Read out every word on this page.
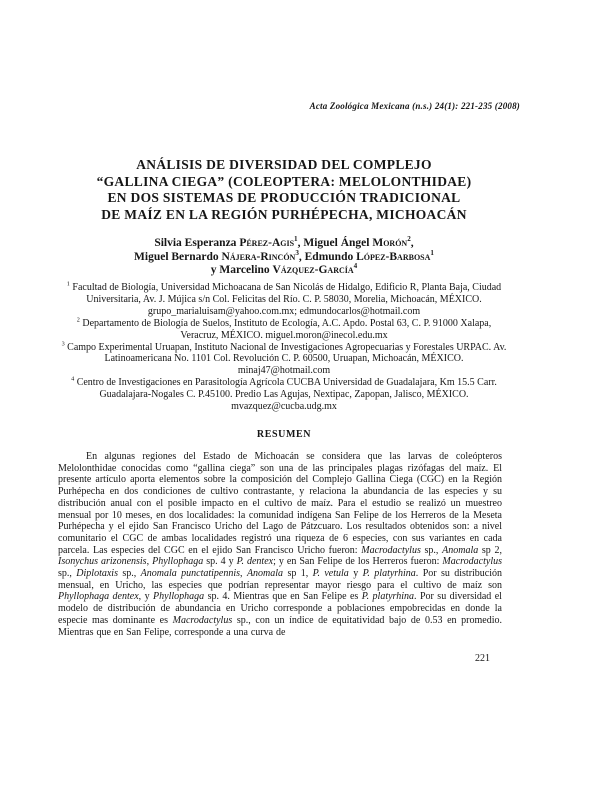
Acta Zoológica Mexicana (n.s.) 24(1): 221-235 (2008)
ANÁLISIS DE DIVERSIDAD DEL COMPLEJO
“GALLINA CIEGA” (COLEOPTERA: MELOLONTHIDAE)
EN DOS SISTEMAS DE PRODUCCIÓN TRADICIONAL
DE MAÍZ EN LA REGIÓN PURHÉPECHA, MICHOACÁN
Silvia Esperanza Pérez-Agis$^1$, Miguel Ángel Morón$^2$,
Miguel Bernardo Nájera-Rincón$^3$, Edmundo López-Barbosa$^1$
y Marcelino Vázquez-García$^4$

$^1$ Facultad de Biología, Universidad Michoacana de San Nicolás de Hidalgo, Edificio R, Planta Baja, Ciudad Universitaria, Av. J. Mújica s/n Col. Felicitas del Río. C. P. 58030, Morelia, Michoacán, MÉXICO. grupo_marialuisam@yahoo.com.mx; edmundocarlos@hotmail.com

$^2$ Departamento de Biología de Suelos, Instituto de Ecología, A.C. Apdo. Postal 63, C. P. 91000 Xalapa, Veracruz, MÉXICO. miguel.moron@inecol.edu.mx

$^3$ Campo Experimental Uruapan, Instituto Nacional de Investigaciones Agropecuarias y Forestales URPAC. Av. Latinoamericana No. 1101 Col. Revolución C. P. 60500, Uruapan, Michoacán, MÉXICO. minaj47@hotmail.com

$^4$ Centro de Investigaciones en Parasitología Agrícola CUCBA Universidad de Guadalajara, Km 15.5 Carr. Guadalajara-Nogales C. P.45100. Predio Las Agujas, Nextipac, Zapopan, Jalisco, MÉXICO. mvazquez@cucba.udg.mx

RESUMEN

En algunas regiones del Estado de Michoacán se considera que las larvas de coleópteros Melolonthidae conocidas como “gallina ciega” son una de las principales plagas rizófagas del maíz. El presente artículo aporta elementos sobre la composición del Complejo Gallina Ciega (CGC) en la Región Purhépecha en dos condiciones de cultivo contrastante, y relaciona la abundancia de las especies y su distribución anual con el posible impacto en el cultivo de maíz. Para el estudio se realizó un muestreo mensual por 10 meses, en dos localidades: la comunidad indígena San Felipe de los Herreros de la Meseta Purhépecha y el ejido San Francisco Uricho del Lago de Pátzcuaro. Los resultados obtenidos son: a nivel comunitario el CGC de ambas localidades registró una riqueza de 6 especies, con sus variantes en cada parcela. Las especies del CGC en el ejido San Francisco Uricho fueron: Macrodactylus sp., Anomala sp 2, Isonychus arizonensis, Phyllophaga sp. 4 y P. dentex; y en San Felipe de los Herreros fueron: Macrodactylus sp., Diplotaxis sp., Anomala punctatipennis, Anomala sp 1, P. vetula y P. platyrhina. Por su distribución mensual, en Uricho, las especies que podrían representar mayor riesgo para el cultivo de maíz son Phyllophaga dentex, y Phyllophaga sp. 4. Mientras que en San Felipe es P. platyrhina. Por su diversidad el modelo de distribución de abundancia en Uricho corresponde a poblaciones empobrecidas en donde la especie mas dominante es Macrodactylus sp., con un índice de equitatividad bajo de 0.53 en promedio. Mientras que en San Felipe, corresponde a una curva de

221
